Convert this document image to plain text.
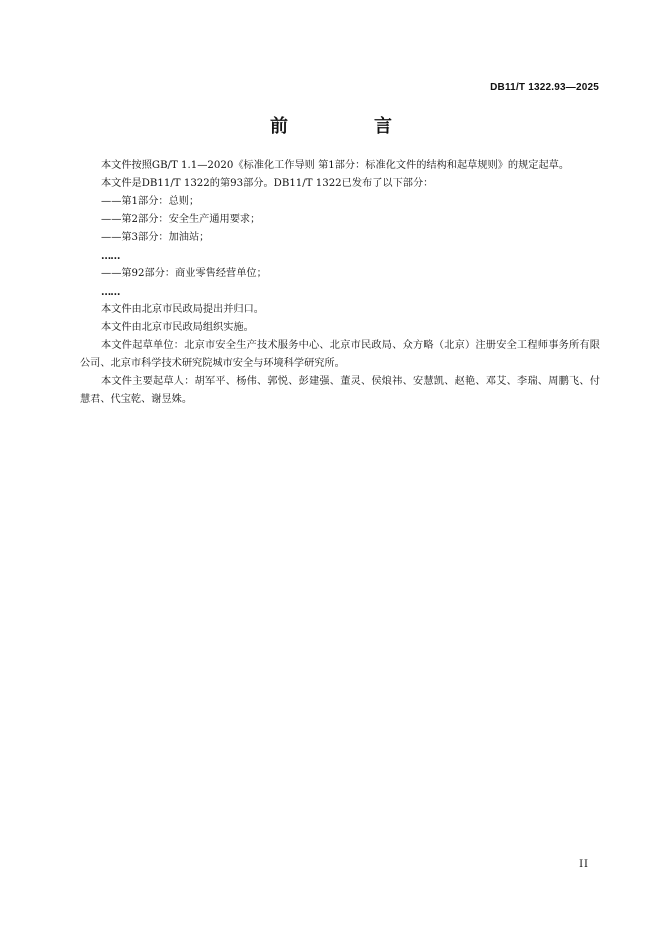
DB11/T 1322.93—2025
前　言

本文件按照GB/T 1.1—2020《标准化工作导则 第1部分：标准化文件的结构和起草规则》的规定起草。

本文件是DB11/T 1322的第93部分。DB11/T 1322已发布了以下部分：

——第1部分：总则；

——第2部分：安全生产通用要求；

——第3部分：加油站；

……

——第92部分：商业零售经营单位；

……

本文件由北京市民政局提出并归口。

本文件由北京市民政局组织实施。

本文件起草单位：北京市安全生产技术服务中心、北京市民政局、众方略（北京）注册安全工程师事务所有限公司、北京市科学技术研究院城市安全与环境科学研究所。

本文件主要起草人：胡军平、杨伟、郭悦、彭建强、董灵、侯烺祎、安慧凯、赵艳、邓艾、李瑞、周鹏飞、付慧君、代宝乾、谢昱姝。

II
